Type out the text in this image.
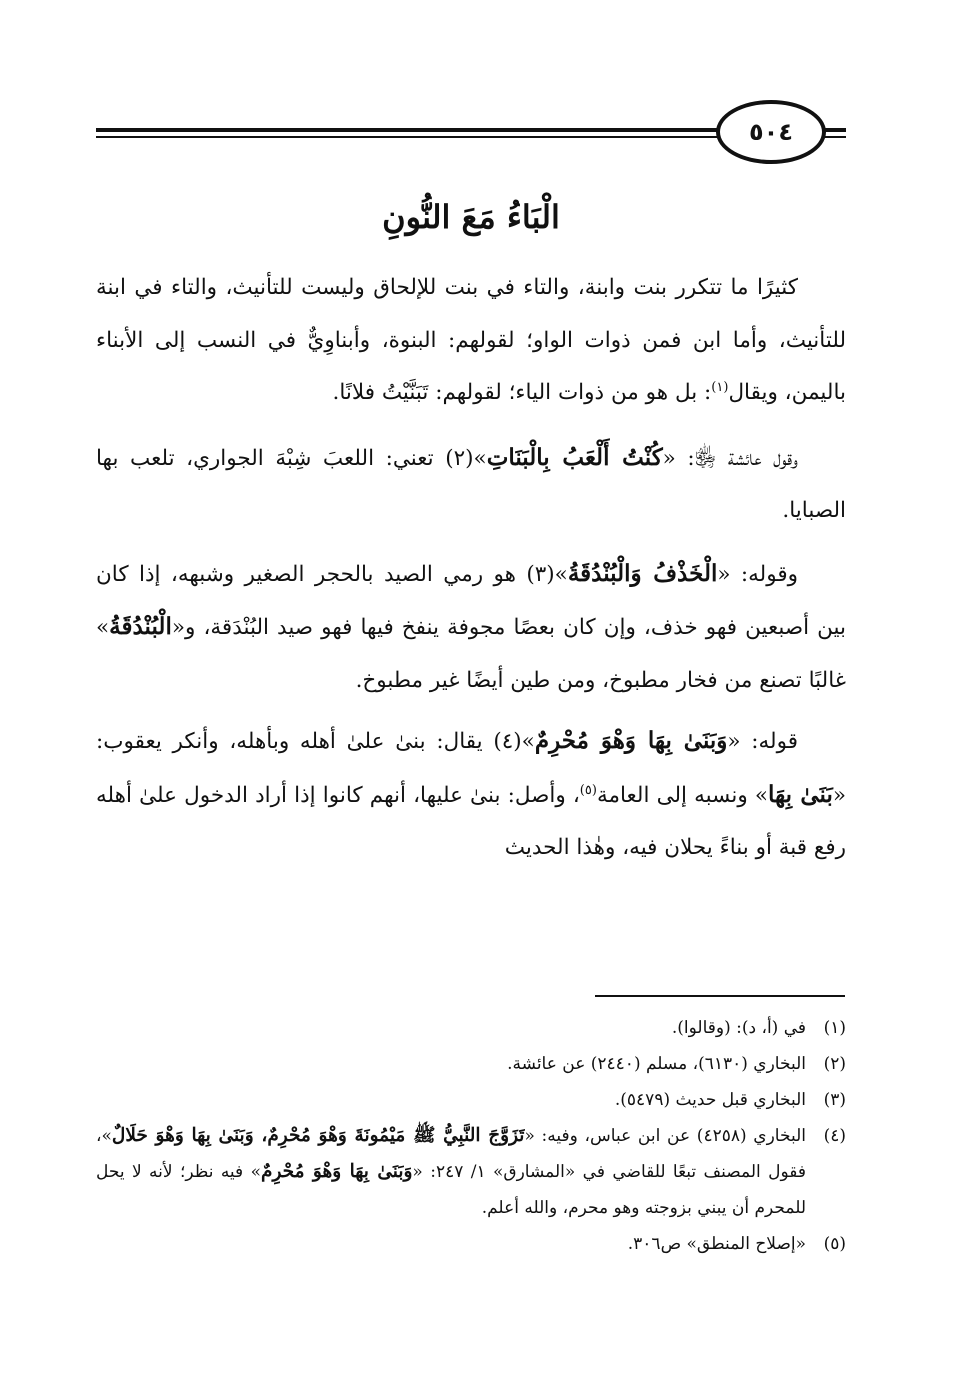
٥٠٤
الْبَاءُ مَعَ النُّونِ

كثيرًا ما تتكرر بنت وابنة، والتاء في بنت للإلحاق وليست للتأنيث، والتاء في ابنة للتأنيث، وأما ابن فمن ذوات الواو؛ لقولهم: البنوة، وأبناوِيٌّ في النسب إلى الأبناء باليمن، ويقال$^{(١)}$: بل هو من ذوات الياء؛ لقولهم: تَبَنَّيْتُ فلانًا.

وقول عائشة ﵂: «كُنْتُ أَلْعَبُ بِالْبَنَاتِ»(٢) تعني: اللعبَ شِبْهَ الجواري، تلعب بها الصبايا.

وقوله: «الْخَذْفُ وَالْبُنْدُقَةُ»(٣) هو رمي الصيد بالحجر الصغير وشبهه، إذا كان بين أصبعين فهو خذف، وإن كان بعصًا مجوفة ينفخ فيها فهو صيد البُنْدَقة، و«الْبُنْدُقَةُ» غالبًا تصنع من فخار مطبوخ، ومن طين أيضًا غير مطبوخ.

قوله: «وَبَنَىٰ بِهَا وَهْوَ مُحْرِمٌ»(٤) يقال: بنىٰ علىٰ أهله وبأهله، وأنكر يعقوب: «بَنَىٰ بِهَا» ونسبه إلى العامة$^{(٥)}$، وأصل: بنىٰ عليها، أنهم كانوا إذا أراد الدخول علىٰ أهله رفع قبة أو بناءً يحلان فيه، وهٰذا الحديث

(١)
في (أ، د): (وقالوا).
(٢)
البخاري (٦١٣٠)، مسلم (٢٤٤٠) عن عائشة.
(٣)
البخاري قبل حديث (٥٤٧٩).
(٤)
البخاري (٤٢٥٨) عن ابن عباس، وفيه: «تَزَوَّجَ النَّبِيُّ ﷺ مَيْمُونَةَ وَهْوَ مُحْرِمٌ، وَبَنَىٰ بِهَا وَهْوَ حَلَالٌ»، فقول المصنف تبعًا للقاضي في «المشارق» ١/ ٢٤٧: «وَبَنَىٰ بِهَا وَهْوَ مُحْرِمٌ» فيه نظر؛ لأنه لا يحل للمحرم أن يبني بزوجته وهو محرم، والله أعلم.
(٥)
«إصلاح المنطق» ص٣٠٦.
